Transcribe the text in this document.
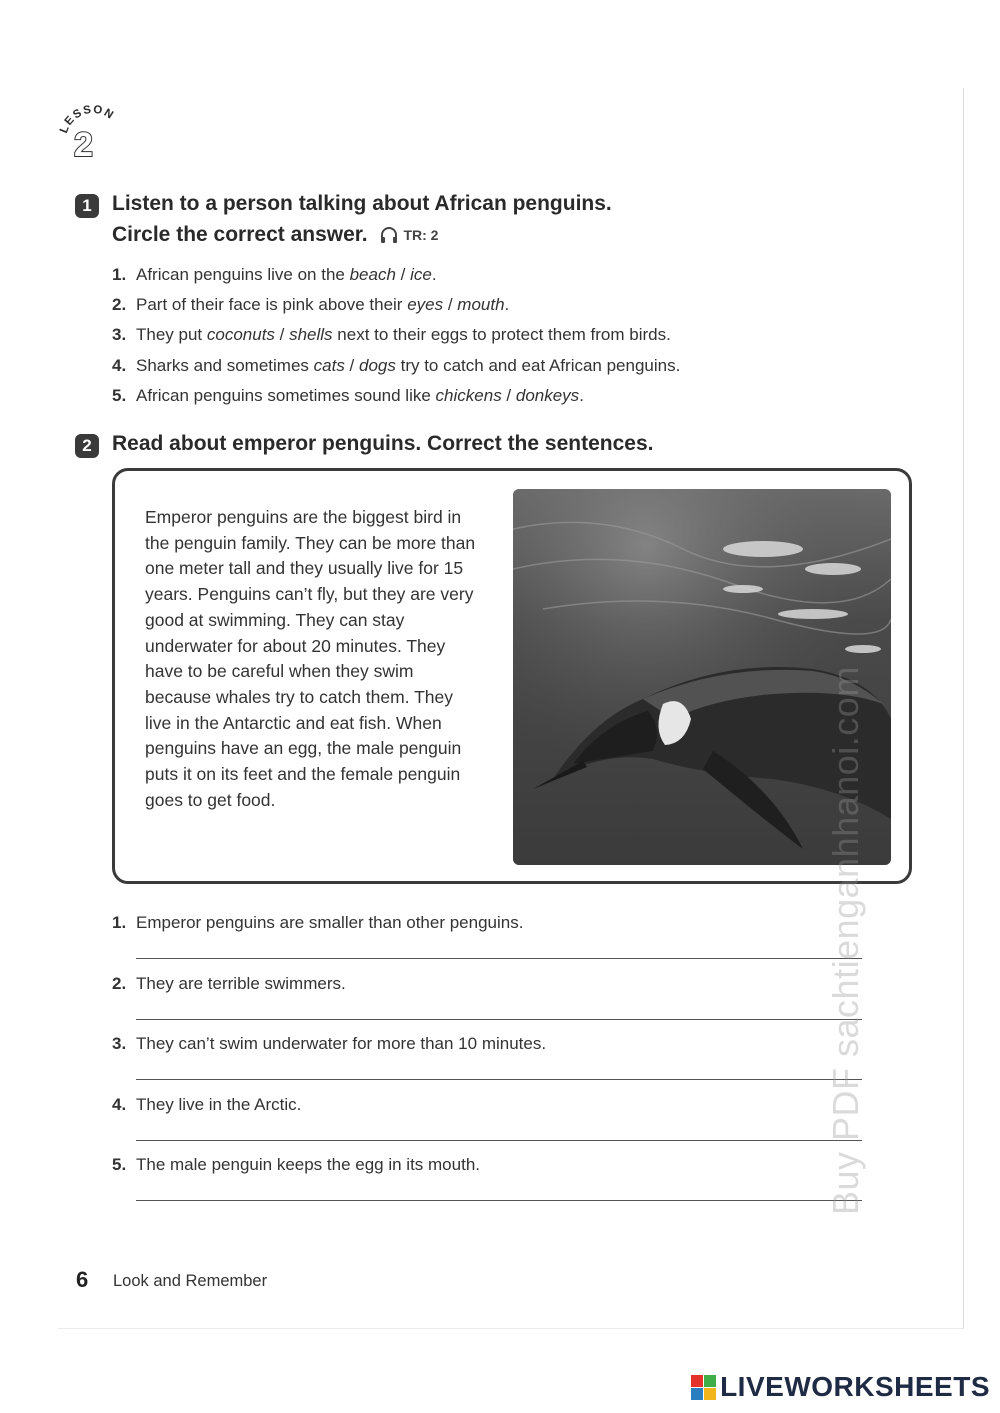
LESSON
2
1 Listen to a person talking about African penguins.
Circle the correct answer.	TR: 2
1. African penguins live on the beach / ice.
2. Part of their face is pink above their eyes / mouth.
3. They put coconuts / shells next to their eggs to protect them from birds.
4. Sharks and sometimes cats / dogs try to catch and eat African penguins.
5. African penguins sometimes sound like chickens / donkeys.
2 Read about emperor penguins. Correct the sentences.

Emperor penguins are the biggest bird in the penguin family. They can be more than one meter tall and they usually live for 15 years. Penguins can’t fly, but they are very good at swimming. They can stay underwater for about 20 minutes. They have to be careful when they swim because whales try to catch them. They live in the Antarctic and eat fish. When penguins have an egg, the male penguin puts it on its feet and the female penguin goes to get food.

1. Emperor penguins are smaller than other penguins.
2. They are terrible swimmers.
3. They can’t swim underwater for more than 10 minutes.
4. They live in the Arctic.
5. The male penguin keeps the egg in its mouth.	Buy PDF sachtienganhhanoi.com
6 Look and Remember
LIVEWORKSHEETS
